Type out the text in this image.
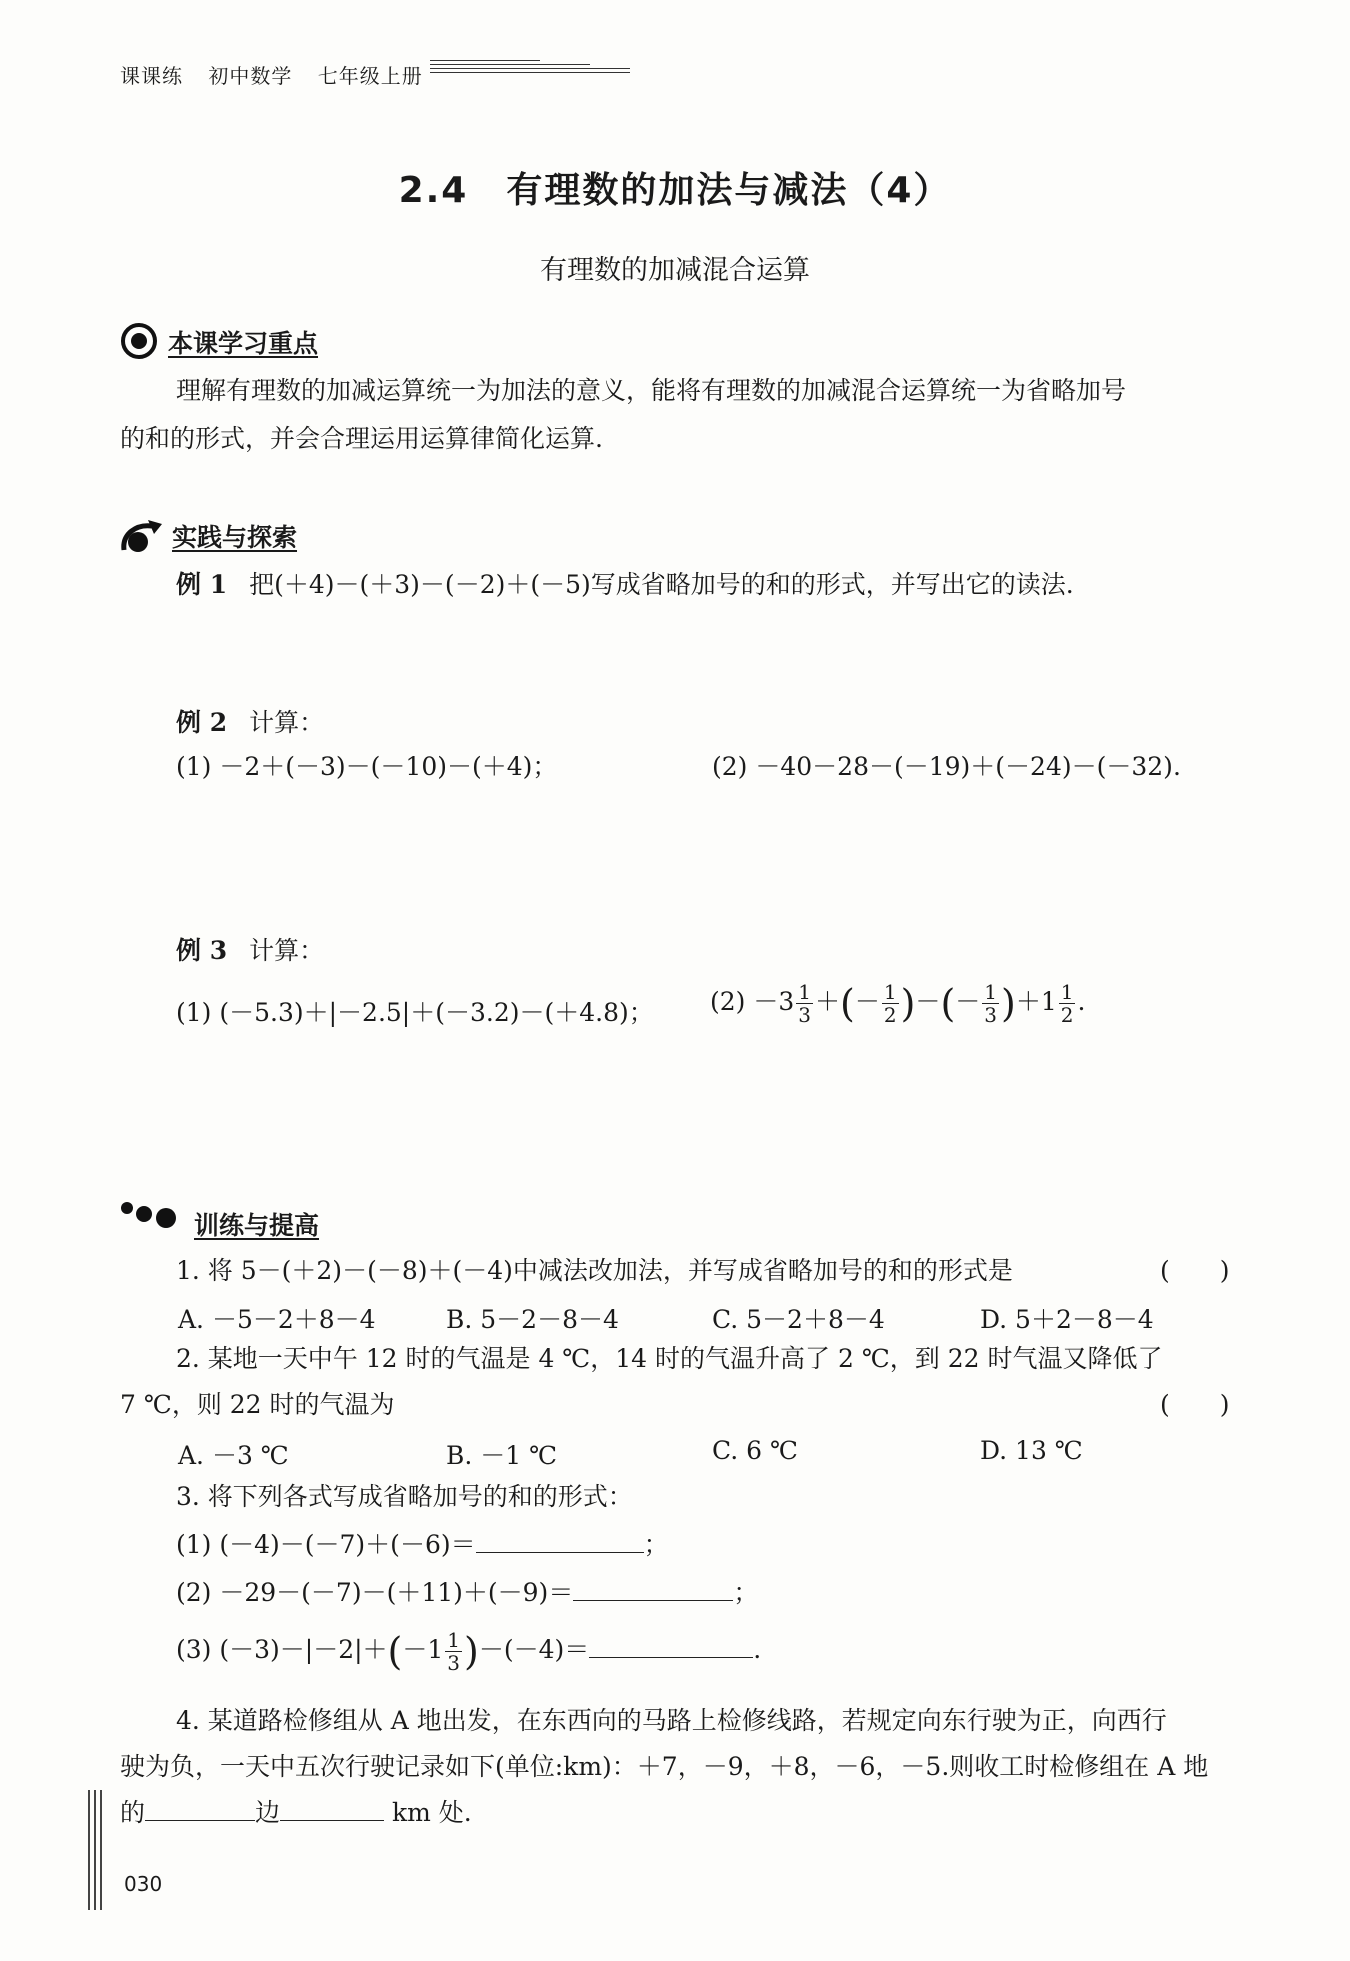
课课练 初中数学 七年级上册
2.4　有理数的加法与减法（4）
有理数的加减混合运算
本课学习重点
理解有理数的加减运算统一为加法的意义，能将有理数的加减混合运算统一为省略加号
的和的形式，并会合理运用运算律简化运算.
实践与探索
例 1 把(＋4)－(＋3)－(－2)＋(－5)写成省略加号的和的形式，并写出它的读法.
例 2 计算：
(1) －2＋(－3)－(－10)－(＋4)；	(2) －40－28－(－19)＋(－24)－(－32).
例 3 计算：
(1) (－5.3)＋|－2.5|＋(－3.2)－(＋4.8)； $(2) -3 \frac{1}{3}$ ＋(－ $\frac{1}{2}$ )－(－ $\frac{1}{3} )+1 \frac{1}{2}$ .
训练与提高
1. 将 5－(＋2)－(－8)＋(－4)中减法改加法，并写成省略加号的和的形式是	(　　)
A. －5－2＋8－4	B. 5－2－8－4	C. 5－2＋8－4	D. 5＋2－8－4
2. 某地一天中午 12 时的气温是 4 ℃，14 时的气温升高了 2 ℃，到 22 时气温又降低了
7 ℃，则 22 时的气温为	(　　)
A. －3 ℃	B. －1 ℃	C. 6 ℃	D. 13 ℃
3. 将下列各式写成省略加号的和的形式：
(1) (－4)－(－7)＋(－6)＝	；
(2) －29－(－7)－(＋11)＋(－9)＝	；
(3) $(-3)-|-2|+(-1 \frac{1}{3} )-(-4)=$	.
4. 某道路检修组从 A 地出发，在东西向的马路上检修线路，若规定向东行驶为正，向西行
驶为负，一天中五次行驶记录如下(单位:km)：＋7，－9，＋8，－6，－5.则收工时检修组在 A 地
的	边	km 处.
030
